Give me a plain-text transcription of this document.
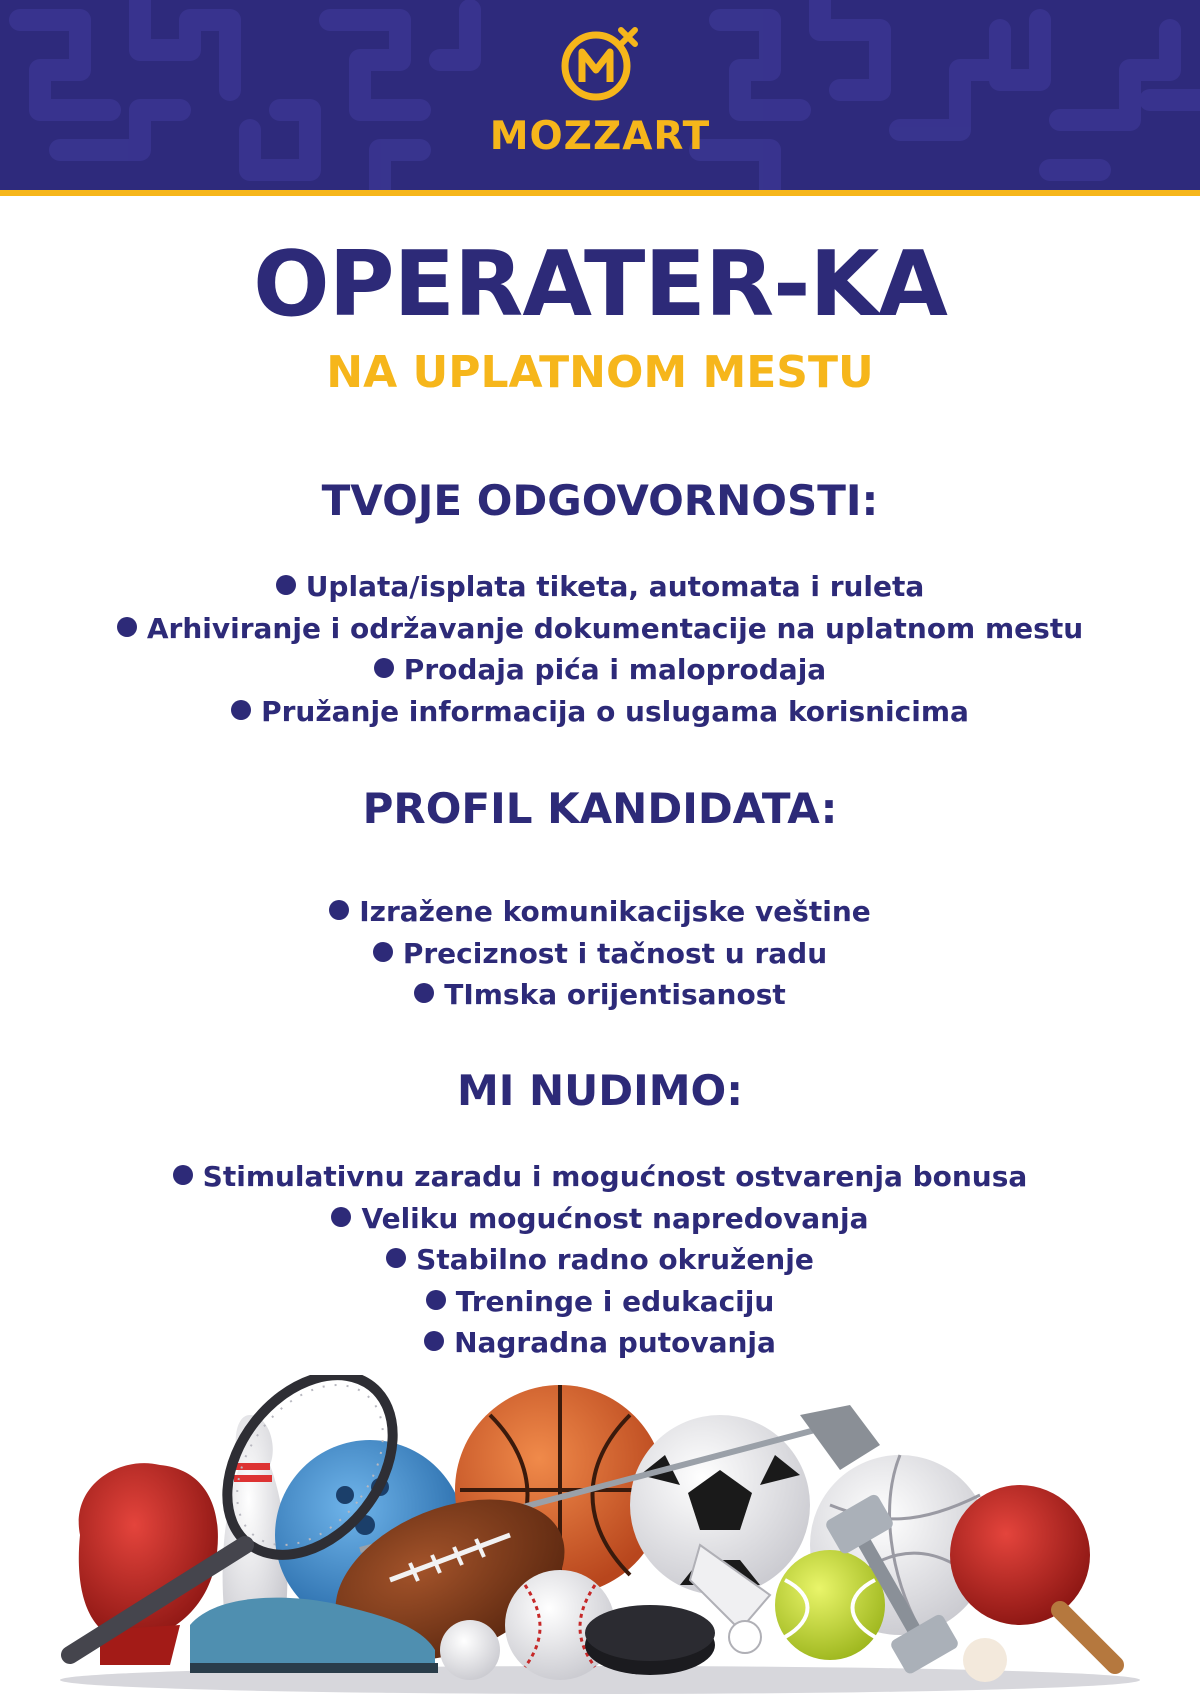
MOZZART
OPERATER-KA
NA UPLATNOM MESTU
TVOJE ODGOVORNOSTI:
Uplata/isplata tiketa, automata i ruleta
Arhiviranje i održavanje dokumentacije na uplatnom mestu
Prodaja pića i maloprodaja
Pružanje informacija o uslugama korisnicima
PROFIL KANDIDATA:
Izražene komunikacijske veštine
Preciznost i tačnost u radu
TImska orijentisanost
MI NUDIMO:
Stimulativnu zaradu i mogućnost ostvarenja bonusa
Veliku mogućnost napredovanja
Stabilno radno okruženje
Treninge i edukaciju
Nagradna putovanja
